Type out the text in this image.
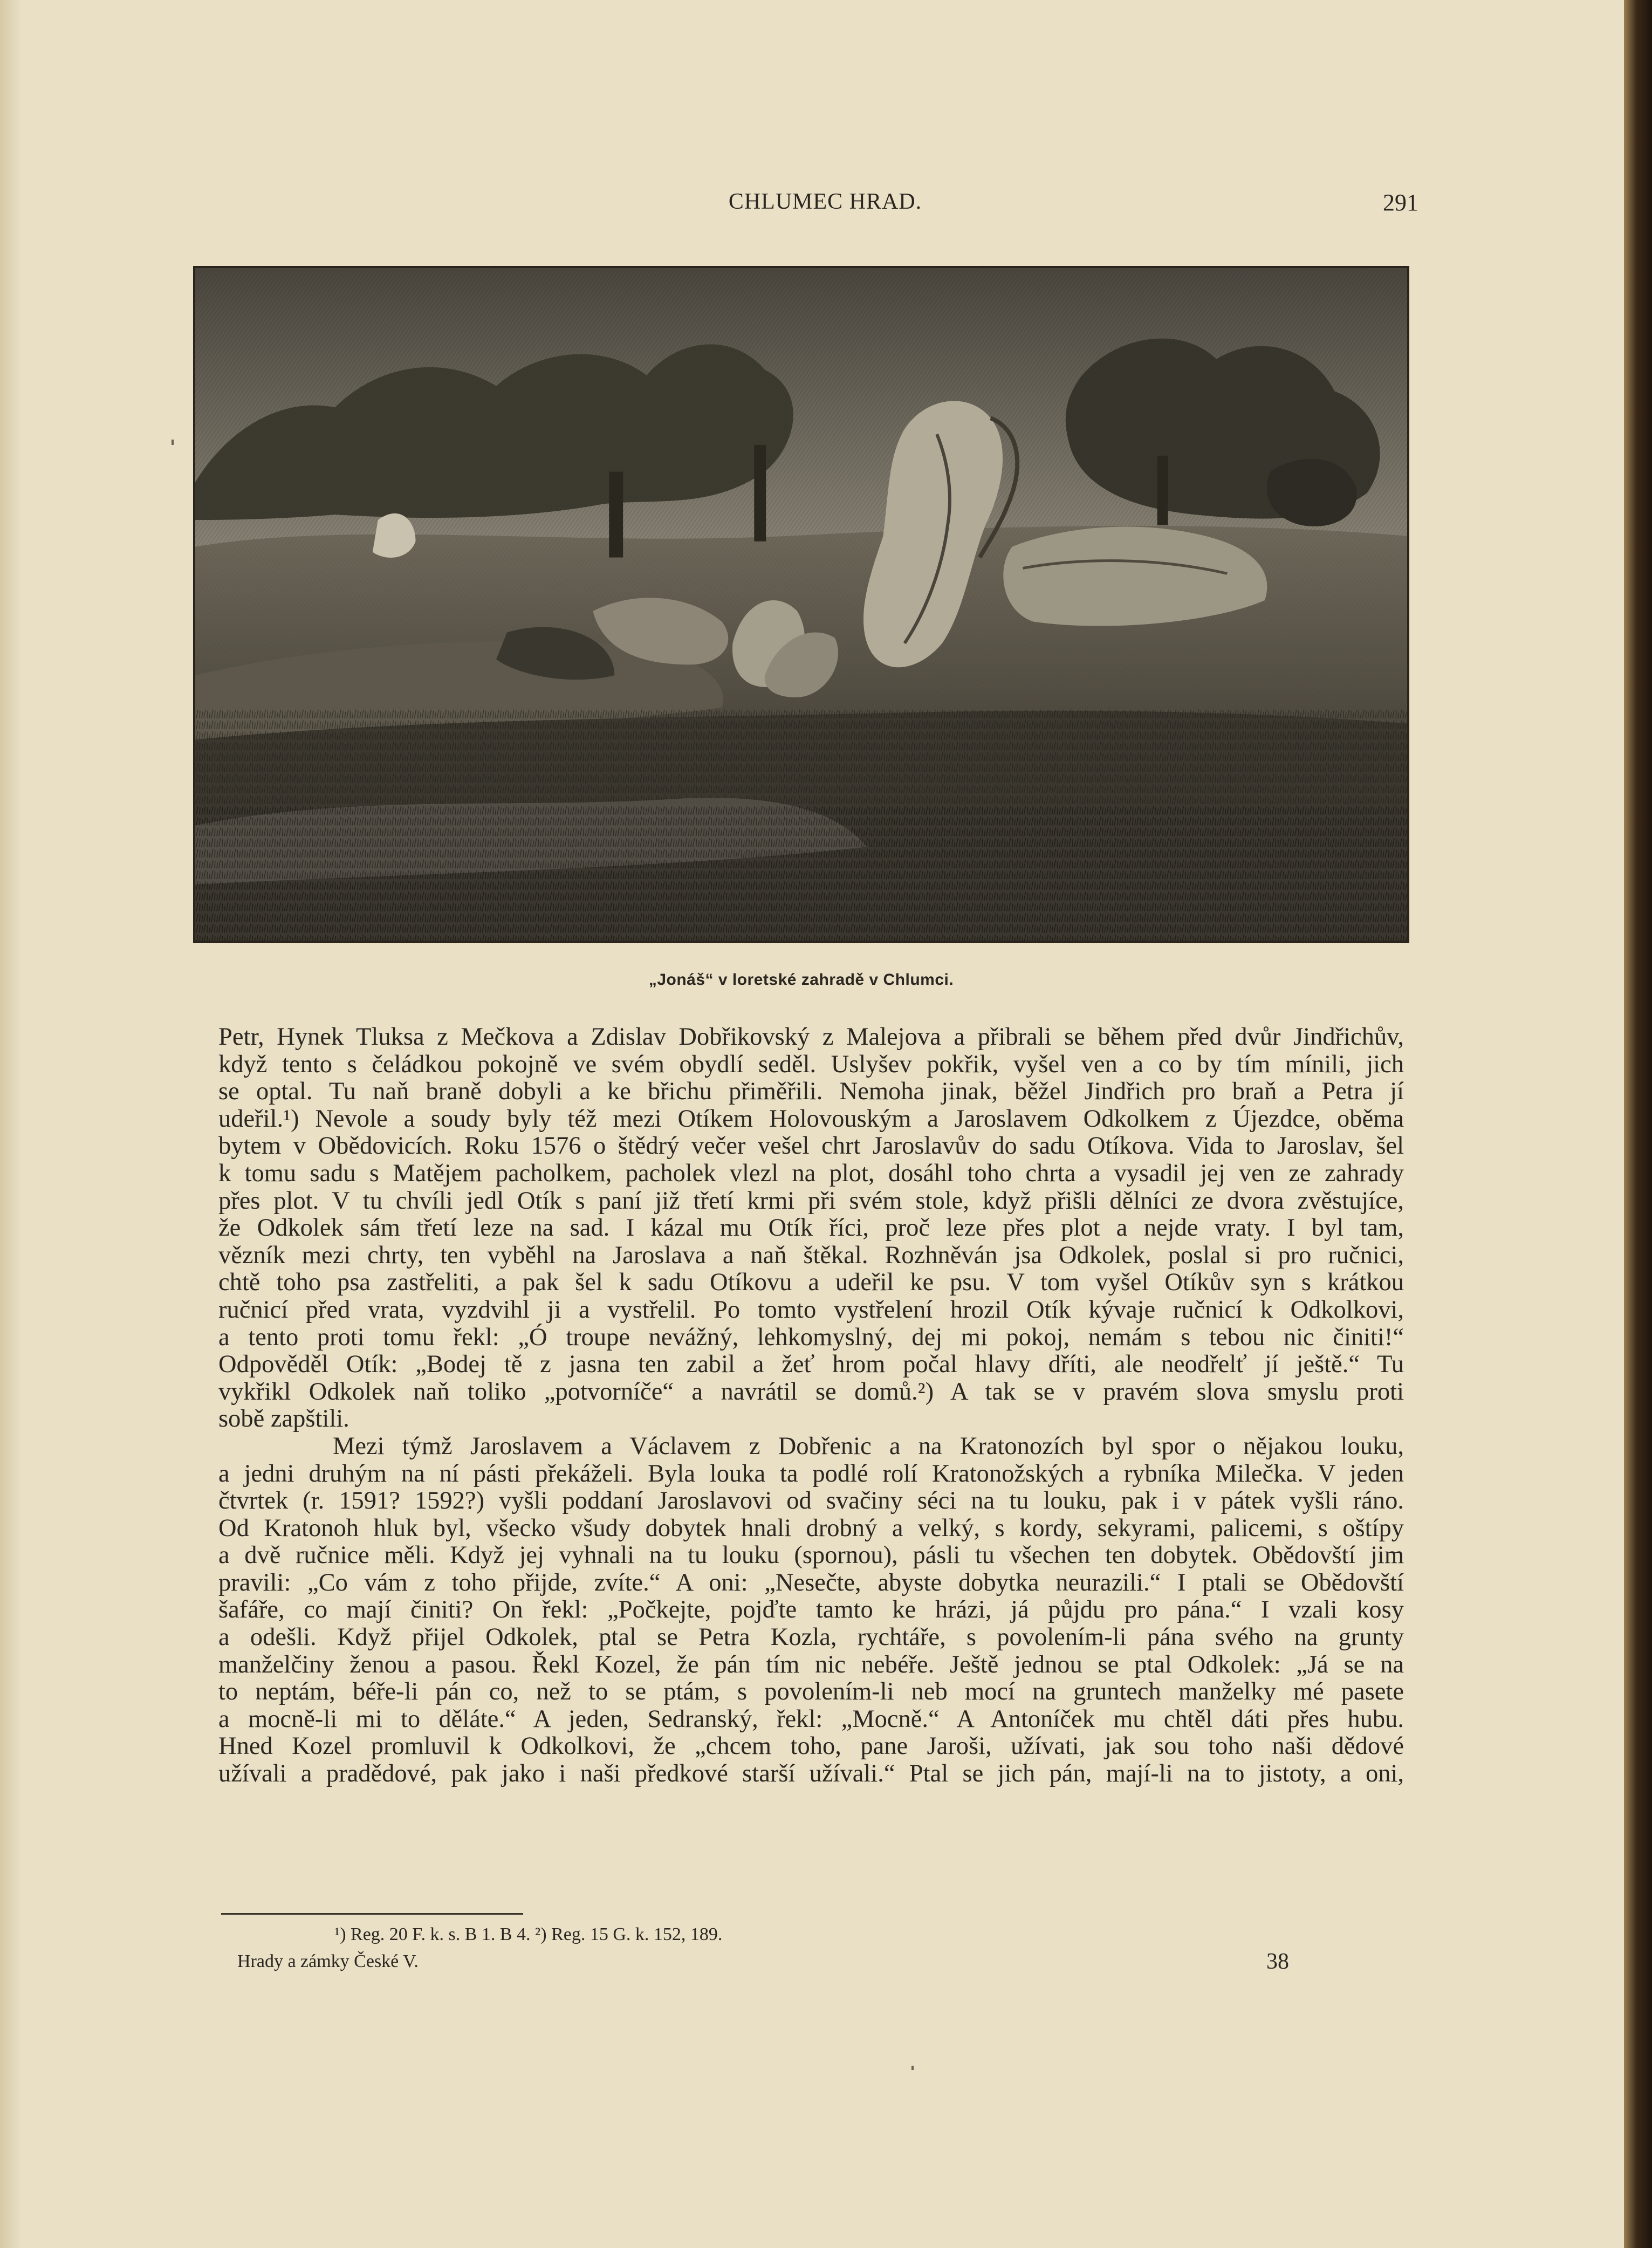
CHLUMEC HRAD.	291
„Jonáš“ v loretské zahradě v Chlumci.
Petr, Hynek Tluksa z Mečkova a Zdislav Dobřikovský z Malejova a přibrali se během před dvůr Jindřichův,
když tento s čeládkou pokojně ve svém obydlí seděl. Uslyšev pokřik, vyšel ven a co by tím mínili, jich
se optal. Tu naň braně dobyli a ke břichu přiměřili. Nemoha jinak, běžel Jindřich pro braň a Petra jí
udeřil.¹) Nevole a soudy byly též mezi Otíkem Holovouským a Jaroslavem Odkolkem z Újezdce, oběma
bytem v Obědovicích. Roku 1576 o štědrý večer vešel chrt Jaroslavův do sadu Otíkova. Vida to Jaroslav, šel
k tomu sadu s Matějem pacholkem, pacholek vlezl na plot, dosáhl toho chrta a vysadil jej ven ze zahrady
přes plot. V tu chvíli jedl Otík s paní již třetí krmi při svém stole, když přišli dělníci ze dvora zvěstujíce,
že Odkolek sám třetí leze na sad. I kázal mu Otík říci, proč leze přes plot a nejde vraty. I byl tam,
vězník mezi chrty, ten vyběhl na Jaroslava a naň štěkal. Rozhněván jsa Odkolek, poslal si pro ručnici,
chtě toho psa zastřeliti, a pak šel k sadu Otíkovu a udeřil ke psu. V tom vyšel Otíkův syn s krátkou
ručnicí před vrata, vyzdvihl ji a vystřelil. Po tomto vystřelení hrozil Otík kývaje ručnicí k Odkolkovi,
a tento proti tomu řekl: „Ó troupe nevážný, lehkomyslný, dej mi pokoj, nemám s tebou nic činiti!“
Odpověděl Otík: „Bodej tě z jasna ten zabil a žeť hrom počal hlavy dříti, ale neodřelť jí ještě.“ Tu
vykřikl Odkolek naň toliko „potvorníče“ a navrátil se domů.²) A tak se v pravém slova smyslu proti
sobě zapštili.
Mezi týmž Jaroslavem a Václavem z Dobřenic a na Kratonozích byl spor o nějakou louku,
a jedni druhým na ní pásti překáželi. Byla louka ta podlé rolí Kratonožských a rybníka Milečka. V jeden
čtvrtek (r. 1591? 1592?) vyšli poddaní Jaroslavovi od svačiny séci na tu louku, pak i v pátek vyšli ráno.
Od Kratonoh hluk byl, všecko všudy dobytek hnali drobný a velký, s kordy, sekyrami, palicemi, s oštípy
a dvě ručnice měli. Když jej vyhnali na tu louku (spornou), pásli tu všechen ten dobytek. Obědovští jim
pravili: „Co vám z toho přijde, zvíte.“ A oni: „Nesečte, abyste dobytka neurazili.“ I ptali se Obědovští
šafáře, co mají činiti? On řekl: „Počkejte, pojďte tamto ke hrázi, já půjdu pro pána.“ I vzali kosy
a odešli. Když přijel Odkolek, ptal se Petra Kozla, rychtáře, s povolením-li pána svého na grunty
manželčiny ženou a pasou. Řekl Kozel, že pán tím nic nebéře. Ještě jednou se ptal Odkolek: „Já se na
to neptám, béře-li pán co, než to se ptám, s povolením-li neb mocí na gruntech manželky mé pasete
a mocně-li mi to děláte.“ A jeden, Sedranský, řekl: „Mocně.“ A Antoníček mu chtěl dáti přes hubu.
Hned Kozel promluvil k Odkolkovi, že „chcem toho, pane Jaroši, užívati, jak sou toho naši dědové
užívali a pradědové, pak jako i naši předkové starší užívali.“ Ptal se jich pán, mají-li na to jistoty, a oni,
¹) Reg. 20 F. k. s. B 1. B 4. ²) Reg. 15 G. k. 152, 189.
Hrady a zámky České V.	38
